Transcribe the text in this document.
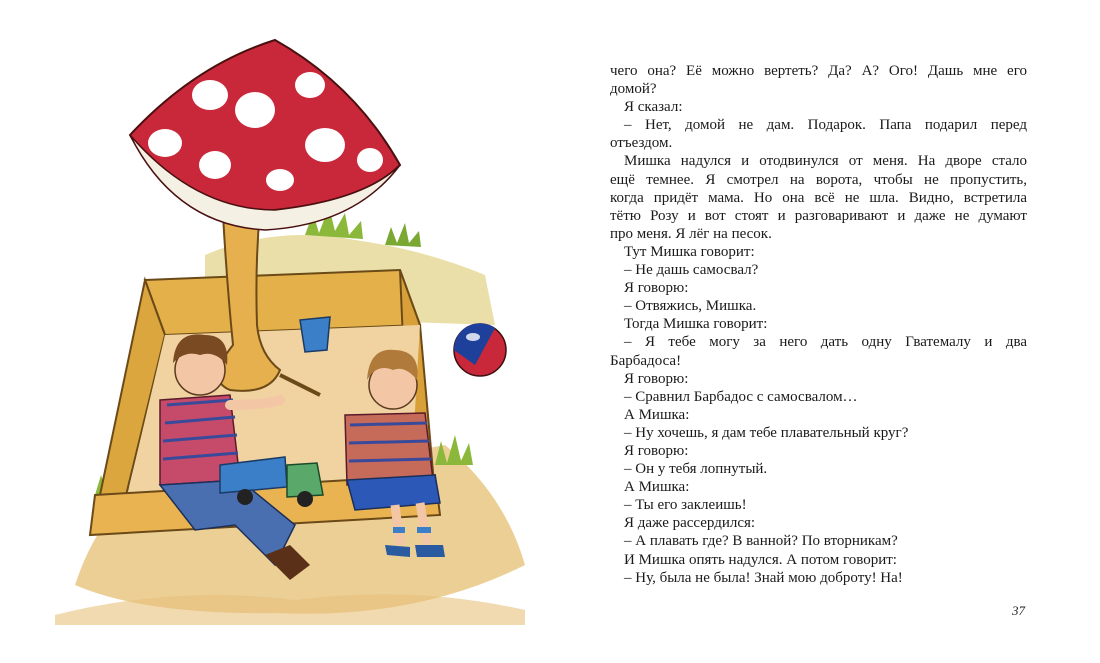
чего она? Её можно вертеть? Да? А? Ого! Дашь мне его
домой?
Я сказал:
– Нет, домой не дам. Подарок. Папа подарил перед
отъездом.
Мишка надулся и отодвинулся от меня. На дворе стало
ещё темнее. Я смотрел на ворота, чтобы не пропустить,
когда придёт мама. Но она всё не шла. Видно, встретила
тётю Розу и вот стоят и разговаривают и даже не думают
про меня. Я лёг на песок.
Тут Мишка говорит:
– Не дашь самосвал?
Я говорю:
– Отвяжись, Мишка.
Тогда Мишка говорит:
– Я тебе могу за него дать одну Гватемалу и два
Барбадоса!
Я говорю:
– Сравнил Барбадос с самосвалом…
А Мишка:
– Ну хочешь, я дам тебе плавательный круг?
Я говорю:
– Он у тебя лопнутый.
А Мишка:
– Ты его заклеишь!
Я даже рассердился:
– А плавать где? В ванной? По вторникам?
И Мишка опять надулся. А потом говорит:
– Ну, была не была! Знай мою доброту! На!
37
